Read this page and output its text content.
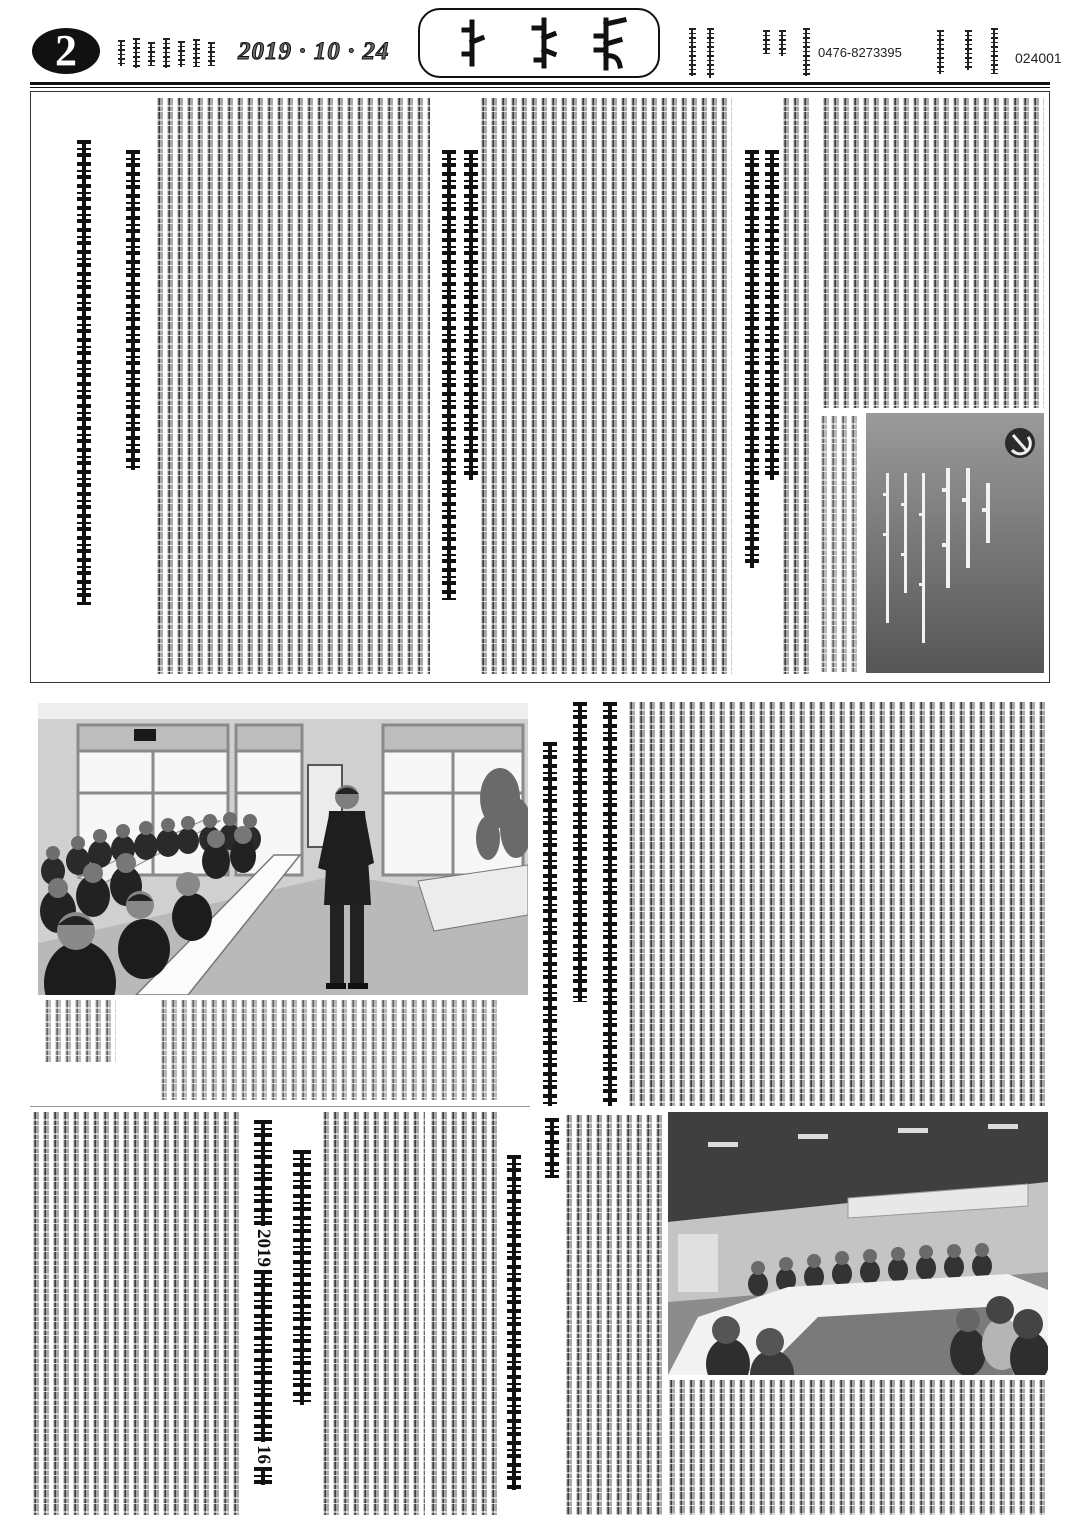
2	2019 · 10 · 24	0476-8273395	024001
2019
16
